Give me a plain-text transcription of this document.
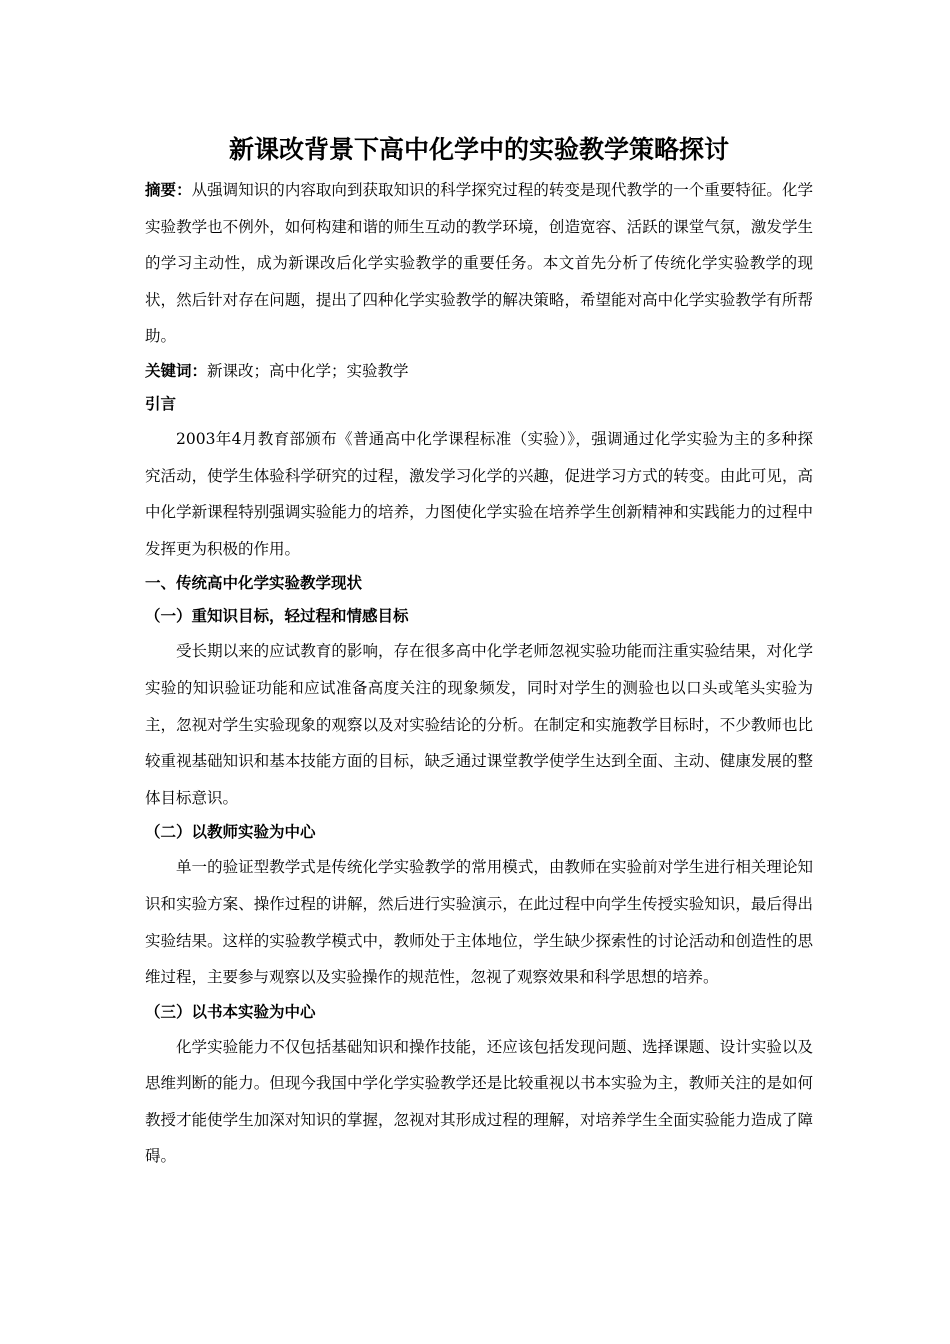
新课改背景下高中化学中的实验教学策略探讨

摘要：从强调知识的内容取向到获取知识的科学探究过程的转变是现代教学的一个重要特征。化学实验教学也不例外，如何构建和谐的师生互动的教学环境，创造宽容、活跃的课堂气氛，激发学生的学习主动性，成为新课改后化学实验教学的重要任务。本文首先分析了传统化学实验教学的现状，然后针对存在问题，提出了四种化学实验教学的解决策略，希望能对高中化学实验教学有所帮助。

关键词：新课改；高中化学；实验教学

引言

2003年4月教育部颁布《普通高中化学课程标准（实验）》，强调通过化学实验为主的多种探究活动，使学生体验科学研究的过程，激发学习化学的兴趣，促进学习方式的转变。由此可见，高中化学新课程特别强调实验能力的培养，力图使化学实验在培养学生创新精神和实践能力的过程中发挥更为积极的作用。

一、传统高中化学实验教学现状

（一）重知识目标，轻过程和情感目标

受长期以来的应试教育的影响，存在很多高中化学老师忽视实验功能而注重实验结果，对化学实验的知识验证功能和应试准备高度关注的现象频发，同时对学生的测验也以口头或笔头实验为主，忽视对学生实验现象的观察以及对实验结论的分析。在制定和实施教学目标时，不少教师也比较重视基础知识和基本技能方面的目标，缺乏通过课堂教学使学生达到全面、主动、健康发展的整体目标意识。

（二）以教师实验为中心

单一的验证型教学式是传统化学实验教学的常用模式，由教师在实验前对学生进行相关理论知识和实验方案、操作过程的讲解，然后进行实验演示，在此过程中向学生传授实验知识，最后得出实验结果。这样的实验教学模式中，教师处于主体地位，学生缺少探索性的讨论活动和创造性的思维过程，主要参与观察以及实验操作的规范性，忽视了观察效果和科学思想的培养。

（三）以书本实验为中心

化学实验能力不仅包括基础知识和操作技能，还应该包括发现问题、选择课题、设计实验以及思维判断的能力。但现今我国中学化学实验教学还是比较重视以书本实验为主，教师关注的是如何教授才能使学生加深对知识的掌握，忽视对其形成过程的理解，对培养学生全面实验能力造成了障碍。
